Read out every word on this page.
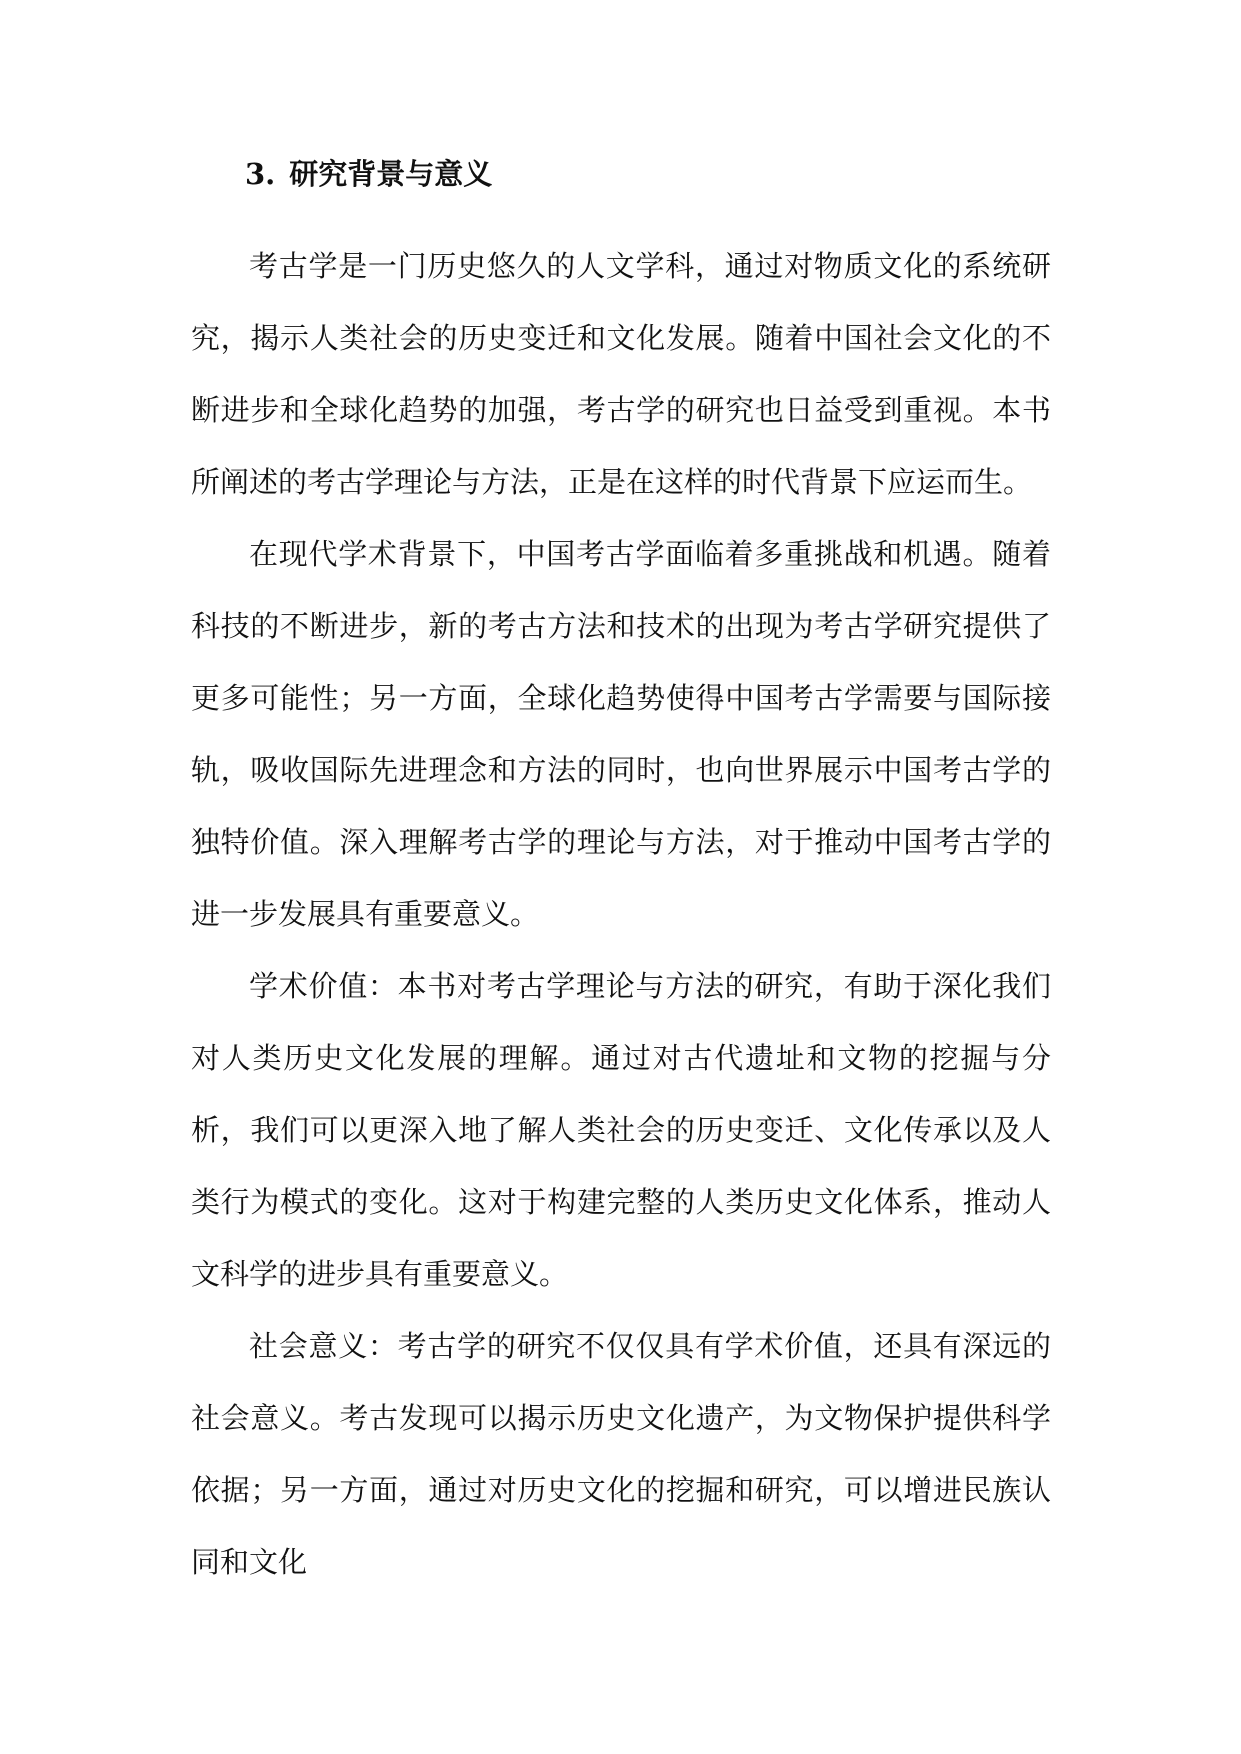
3. 研究背景与意义

考古学是一门历史悠久的人文学科，通过对物质文化的系统研究，揭示人类社会的历史变迁和文化发展。随着中国社会文化的不断进步和全球化趋势的加强，考古学的研究也日益受到重视。本书所阐述的考古学理论与方法，正是在这样的时代背景下应运而生。

在现代学术背景下，中国考古学面临着多重挑战和机遇。随着科技的不断进步，新的考古方法和技术的出现为考古学研究提供了更多可能性；另一方面，全球化趋势使得中国考古学需要与国际接轨，吸收国际先进理念和方法的同时，也向世界展示中国考古学的独特价值。深入理解考古学的理论与方法，对于推动中国考古学的进一步发展具有重要意义。

学术价值：本书对考古学理论与方法的研究，有助于深化我们对人类历史文化发展的理解。通过对古代遗址和文物的挖掘与分析，我们可以更深入地了解人类社会的历史变迁、文化传承以及人类行为模式的变化。这对于构建完整的人类历史文化体系，推动人文科学的进步具有重要意义。

社会意义：考古学的研究不仅仅具有学术价值，还具有深远的社会意义。考古发现可以揭示历史文化遗产，为文物保护提供科学依据；另一方面，通过对历史文化的挖掘和研究，可以增进民族认同和文化
